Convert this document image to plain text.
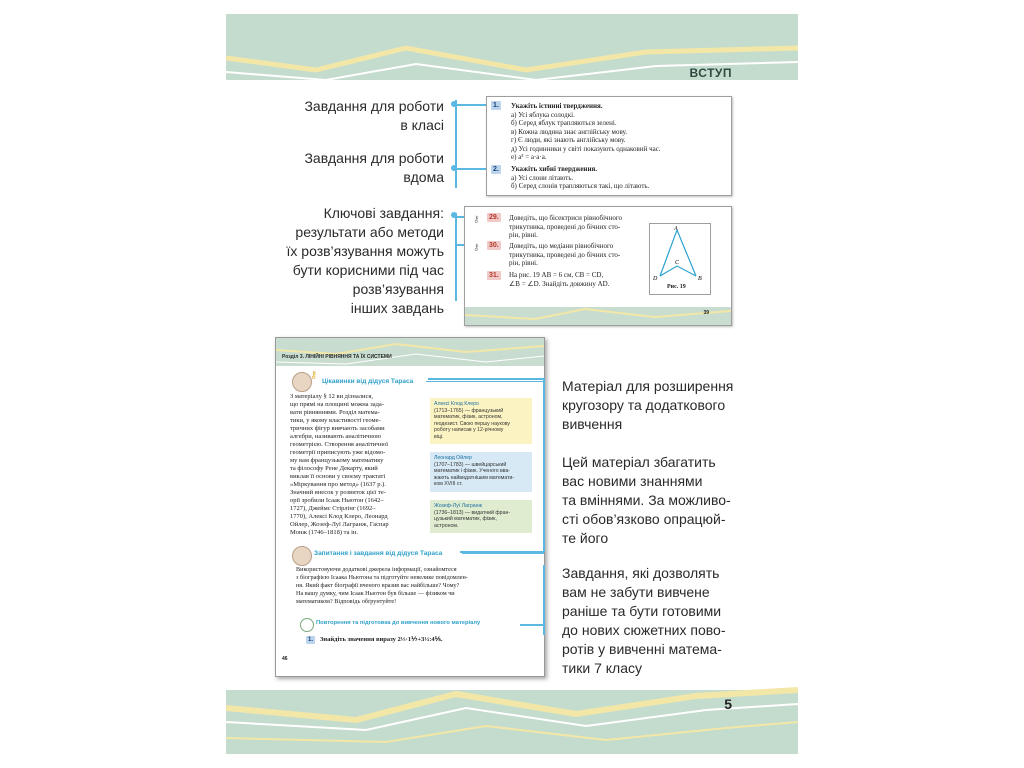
ВСТУП
5
Завдання для роботи
в класі
Завдання для роботи
вдома
Ключові завдання:
результати або методи
їх розв’язування можуть
бути корисними під час
розв’язування
інших завдань
1. Укажіть істинні твердження.
а) Усі яблука солодкі.
б) Серед яблук трапляються зелені.
в) Кожна людина знає англійську мову.
г) Є люди, які знають англійську мову.
д) Усі годинники у світі показують однаковий час.
е) a³ = a·a·a.
2. Укажіть хибні твердження.
а) Усі слони літають.
б) Серед слонів трапляються такі, що літають.
⚷ 29. Доведіть, що бісектриси рівнобічного
трикутника, проведені до бічних сто-
рін, рівні.
⚷ 30. Доведіть, що медіани рівнобічного
трикутника, проведені до бічних сто-
рін, рівні.
31. На рис. 19 AB = 6 см, CB = CD,
∠B = ∠D. Знайдіть довжину AD.
A
C
D	B
Рис. 19
39
Розділ 3. ЛІНІЙНІ РІВНЯННЯ ТА ЇХ СИСТЕМИ
⚷
Цікавинки від дідуся Тараса
З матеріалу § 12 ви дізналися,
що прямі на площині можна зада-
вати рівняннями. Розділ матема-
тики, у якому властивості геоме-
тричних фігур вивчають засобами
алгебри, називають аналітичною
геометрією. Створення аналітичної
геометрії приписують уже відомо-
му вам французькому математику
та філософу Рене Декарту, який
виклав її основи у своєму трактаті
«Міркування про метод» (1637 р.).
Значний внесок у розвиток цієї те-
орії зробили Ісаак Ньютон (1642–
1727), Джеймс Стірлінг (1692–
1770), Алексі Клод Клеро, Леонард
Ойлер, Жозеф-Луї Лагранж, Гаспар
Монж (1746–1818) та ін.
Алексі Клод Клеро
(1713–1765) — французький
математик, фізик, астроном,
геодезист. Свою першу наукову
роботу написав у 12-річному
віці.
Леонард Ойлер
(1707–1783) — швейцарський
математик і фізик. Ученого вва-
жають найвидатнішим математи-
ком XVIII ст.
Жозеф-Луї Лагранж
(1736–1813) — видатний фран-
цузький математик, фізик,
астроном.
Запитання і завдання від дідуся Тараса
Використовуючи додаткові джерела інформації, ознайомтеся
з біографією Ісаака Ньютона та підготуйте невелике повідомлен-
ня. Який факт біографії вченого вразив вас найбільше? Чому?
На вашу думку, чим Ісаак Ньютон був більше — фізиком чи
математиком? Відповідь обґрунтуйте!
Повторення та підготовка до вивчення нового матеріалу
1.	Знайдіть значення виразу 2⅓·1⅐+3½:4⅕.
46
Матеріал для розширення
кругозору та додаткового
вивчення
Цей матеріал збагатить
вас новими знаннями
та вміннями. За можливо-
сті обов’язково опрацюй-
те його
Завдання, які дозволять
вам не забути вивчене
раніше та бути готовими
до нових сюжетних пово-
ротів у вивченні матема-
тики 7 класу
